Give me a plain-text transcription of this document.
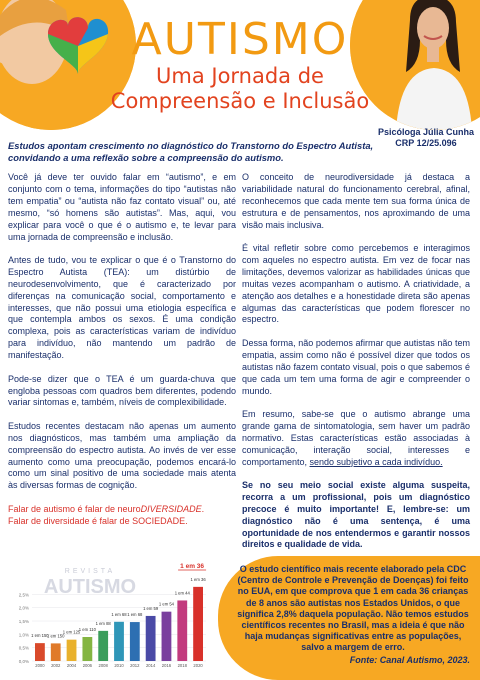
AUTISMO
Uma Jornada de
Compreensão e Inclusão
Psicóloga Júlia Cunha
CRP 12/25.096
Estudos apontam crescimento no diagnóstico do Transtorno do Espectro Autista, convidando a uma reflexão sobre a compreensão do autismo.

Você já deve ter ouvido falar em “autismo”, e em conjunto com o tema, informações do tipo “autistas não tem empatia” ou “autista não faz contato visual” ou, até mesmo, “só homens são autistas”. Mas, aqui, vou explicar para você o que é o autismo e, te levar para uma jornada de compreensão e inclusão.

Antes de tudo, vou te explicar o que é o Transtorno do Espectro Autista (TEA): um distúrbio de neurodesenvolvimento, que é caracterizado por diferenças na comunicação social, comportamento e interesses, que não possui uma etiologia específica e que contempla ambos os sexos. É uma condição complexa, pois as características variam de indivíduo para indivíduo, não mantendo um padrão de manifestação.

Pode-se dizer que o TEA é um guarda-chuva que engloba pessoas com quadros bem diferentes, podendo variar sintomas e, também, níveis de complexibilidade.

Estudos recentes destacam não apenas um aumento nos diagnósticos, mas também uma ampliação da compreensão do espectro autista. Ao invés de ver esse aumento como uma preocupação, podemos encará-lo como um sinal positivo de uma sociedade mais atenta às diversas formas de cognição.

Falar de autismo é falar de neuroDIVERSIDADE.
Falar de diversidade é falar de SOCIEDADE.

O conceito de neurodiversidade já destaca a variabilidade natural do funcionamento cerebral, afinal, reconhecemos que cada mente tem sua forma única de estrutura e de pensamentos, nos aproximando de uma visão mais inclusiva.

É vital refletir sobre como percebemos e interagimos com aqueles no espectro autista. Em vez de focar nas limitações, devemos valorizar as habilidades únicas que muitas vezes acompanham o autismo. A criatividade, a atenção aos detalhes e a honestidade direta são apenas algumas das características que podem florescer no espectro.

Dessa forma, não podemos afirmar que autistas não tem empatia, assim como não é possível dizer que todos os autistas não fazem contato visual, pois o que sabemos é que cada um tem uma forma de agir e compreender o mundo.

Em resumo, sabe-se que o autismo abrange uma grande gama de sintomatologia, sem haver um padrão normativo. Estas características estão associadas à comunicação, interação social, interesses e comportamento, sendo subjetivo a cada indivíduo.

Se no seu meio social existe alguma suspeita, recorra a um profissional, pois um diagnóstico precoce é muito importante! E, lembre-se: um diagnóstico não é uma sentença, é uma oportunidade de nos entendermos e garantir nossos direitos e qualidade de vida.

REVISTA
AUTISMO
0,0%
0,5%
1,0%
1,5%
2,0%
2,5%
1 em 150
2000
1 em 150
2002
1 em 125
2004
1 em 110
2006
1 em 88
2008
1 em 68
2010
1 em 68
2012
1 em 59
2014
1 em 54
2016
1 em 44
2018
1 em 36
2020
1 em 36	O estudo científico mais recente elaborado pela CDC (Centro de Controle e Prevenção de Doenças) foi feito no EUA, em que comprova que 1 em cada 36 crianças de 8 anos são autistas nos Estados Unidos, o que significa 2,8% daquela população. Não temos estudos científicos recentes no Brasil, mas a ideia é que não haja mudanças significativas entre as populações, salvo a margem de erro.
Fonte: Canal Autismo, 2023.
